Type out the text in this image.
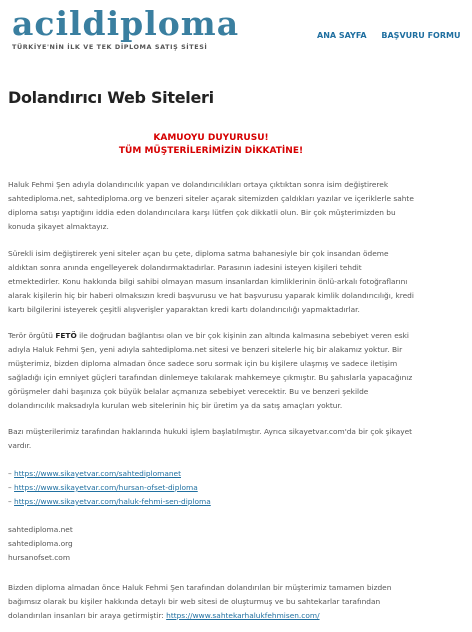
acildiploma
TÜRKİYE'NİN İLK VE TEK DİPLOMA SATIŞ SİTESİ
ANA SAYFA BAŞVURU FORMU
Dolandırıcı Web Siteleri
KAMUOYU DUYURUSU!
TÜM MÜŞTERİLERİMİZİN DİKKATİNE!

Haluk Fehmi Şen adıyla dolandırıcılık yapan ve dolandırıcılıkları ortaya çıktıktan sonra isim değiştirerek sahtediploma.net, sahtediploma.org ve benzeri siteler açarak sitemizden çaldıkları yazılar ve içeriklerle sahte diploma satışı yaptığını iddia eden dolandırıcılara karşı lütfen çok dikkatli olun. Bir çok müşterimizden bu konuda şikayet almaktayız.

Sürekli isim değiştirerek yeni siteler açan bu çete, diploma satma bahanesiyle bir çok insandan ödeme aldıktan sonra anında engelleyerek dolandırmaktadırlar. Parasının iadesini isteyen kişileri tehdit etmektedirler. Konu hakkında bilgi sahibi olmayan masum insanlardan kimliklerinin önlü-arkalı fotoğraflarını alarak kişilerin hiç bir haberi olmaksızın kredi başvurusu ve hat başvurusu yaparak kimlik dolandırıcılığı, kredi kartı bilgilerini isteyerek çeşitli alışverişler yaparaktan kredi kartı dolandırıcılığı yapmaktadırlar.

Terör örgütü FETÖ ile doğrudan bağlantısı olan ve bir çok kişinin zan altında kalmasına sebebiyet veren eski adıyla Haluk Fehmi Şen, yeni adıyla sahtediploma.net sitesi ve benzeri sitelerle hiç bir alakamız yoktur. Bir müşterimiz, bizden diploma almadan önce sadece soru sormak için bu kişilere ulaşmış ve sadece iletişim sağladığı için emniyet güçleri tarafından dinlemeye takılarak mahkemeye çıkmıştır. Bu şahıslarla yapacağınız görüşmeler dahi başınıza çok büyük belalar açmanıza sebebiyet verecektir. Bu ve benzeri şekilde dolandırıcılık maksadıyla kurulan web sitelerinin hiç bir üretim ya da satış amaçları yoktur.

Bazı müşterilerimiz tarafından haklarında hukuki işlem başlatılmıştır. Ayrıca sikayetvar.com'da bir çok şikayet vardır.

– https://www.sikayetvar.com/sahtediplomanet
– https://www.sikayetvar.com/hursan-ofset-diploma
– https://www.sikayetvar.com/haluk-fehmi-sen-diploma
sahtediploma.net
sahtediploma.org
hursanofset.com

Bizden diploma almadan önce Haluk Fehmi Şen tarafından dolandırılan bir müşterimiz tamamen bizden bağımsız olarak bu kişiler hakkında detaylı bir web sitesi de oluşturmuş ve bu sahtekarlar tarafından dolandırılan insanları bir araya getirmiştir: https://www.sahtekarhalukfehmisen.com/
